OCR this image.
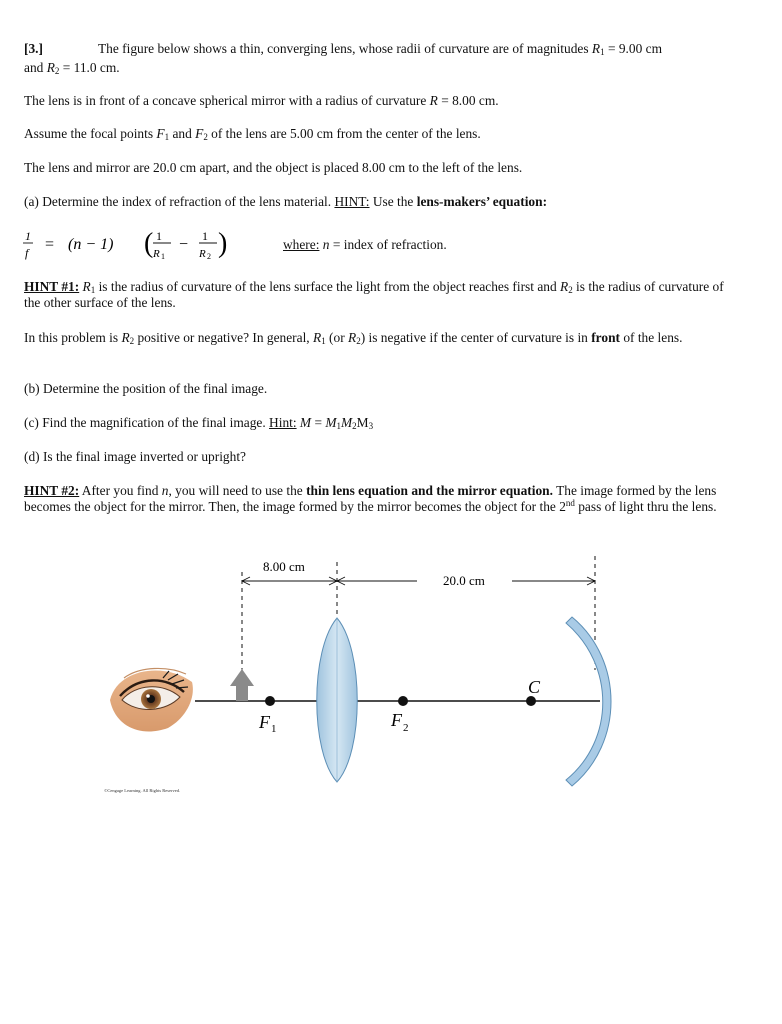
[3.]	The figure below shows a thin, converging lens, whose radii of curvature are of magnitudes $R_1 = 9.00$ cm
and $R_2 = 11.0$ cm.
The lens is in front of a concave spherical mirror with a radius of curvature R = 8.00 cm.
Assume the focal points $F_1$ and $F_2$ of the lens are 5.00 cm from the center of the lens.
The lens and mirror are 20.0 cm apart, and the object is placed 8.00 cm to the left of the lens.
(a) Determine the index of refraction of the lens material. HINT: Use the lens-makers’ equation:
1
f = (n − 1) ( 1
R 1
− 1
R 2 )	where: n = index of refraction.
HINT #1: $R_1$ is the radius of curvature of the lens surface the light from the object reaches first and $R_2$ is the radius of curvature of the other surface of the lens.
In this problem is $R_2$ positive or negative? In general, $R_1$ (or $R_2$) is negative if the center of curvature is in front of the lens.
(b) Determine the position of the final image.
(c) Find the magnification of the final image. Hint: $M = M_1M_2M_3$
(d) Is the final image inverted or upright?
HINT #2: After you find n, you will need to use the thin lens equation and the mirror equation. The image formed by the lens becomes the object for the mirror. Then, the image formed by the mirror becomes the object for the 2nd pass of light thru the lens.
8.00 cm
20.0 cm
F 1	F 2
C
©Cengage Learning. All Rights Reserved.
